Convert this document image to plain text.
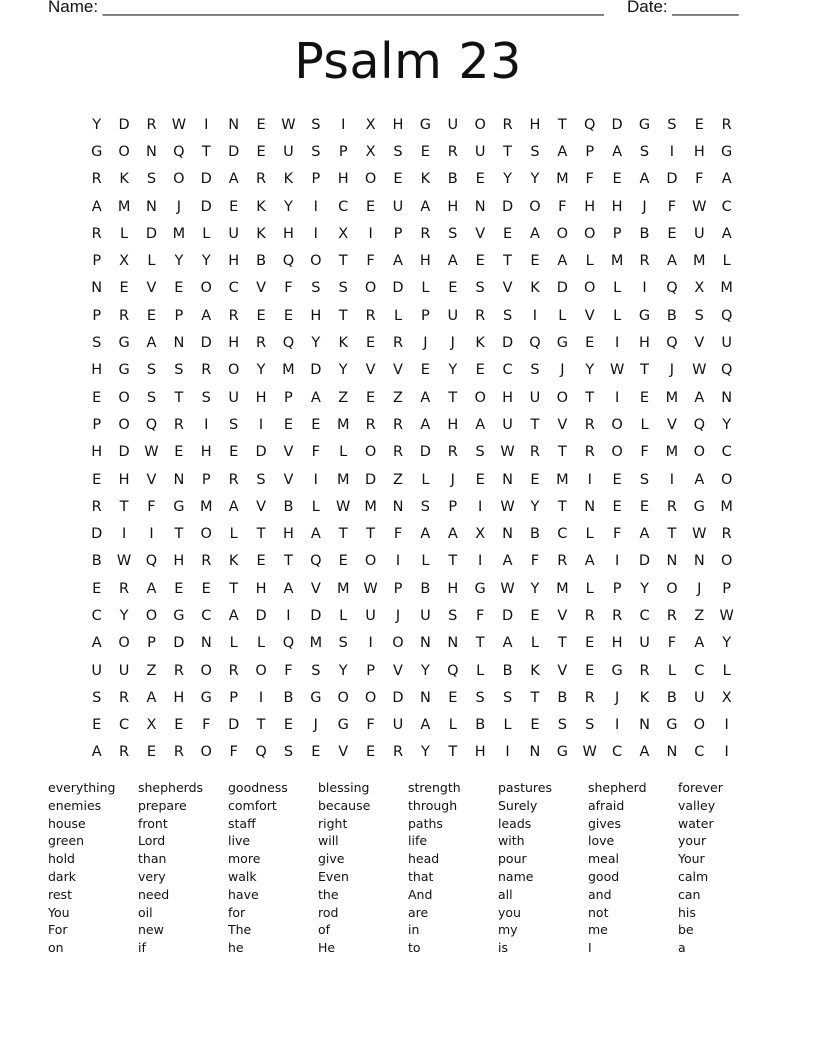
Name: _____________________________________________________ Date: _______
Psalm 23
Y	D	R	W	I	N	E	W	S	I	X	H	G	U	O	R	H	T	Q	D	G	S	E	R
G	O	N	Q	T	D	E	U	S	P	X	S	E	R	U	T	S	A	P	A	S	I	H	G
R	K	S	O	D	A	R	K	P	H	O	E	K	B	E	Y	Y	M	F	E	A	D	F	A
A	M	N	J	D	E	K	Y	I	C	E	U	A	H	N	D	O	F	H	H	J	F	W	C
R	L	D	M	L	U	K	H	I	X	I	P	R	S	V	E	A	O	O	P	B	E	U	A
P	X	L	Y	Y	H	B	Q	O	T	F	A	H	A	E	T	E	A	L	M	R	A	M	L
N	E	V	E	O	C	V	F	S	S	O	D	L	E	S	V	K	D	O	L	I	Q	X	M
P	R	E	P	A	R	E	E	H	T	R	L	P	U	R	S	I	L	V	L	G	B	S	Q
S	G	A	N	D	H	R	Q	Y	K	E	R	J	J	K	D	Q	G	E	I	H	Q	V	U
H	G	S	S	R	O	Y	M	D	Y	V	V	E	Y	E	C	S	J	Y	W	T	J	W	Q
E	O	S	T	S	U	H	P	A	Z	E	Z	A	T	O	H	U	O	T	I	E	M	A	N
P	O	Q	R	I	S	I	E	E	M	R	R	A	H	A	U	T	V	R	O	L	V	Q	Y
H	D	W	E	H	E	D	V	F	L	O	R	D	R	S	W	R	T	R	O	F	M	O	C
E	H	V	N	P	R	S	V	I	M	D	Z	L	J	E	N	E	M	I	E	S	I	A	O
R	T	F	G	M	A	V	B	L	W M	N	S	P	I	W	Y	T	N	E	E	R	G	M
D	I	I	T	O	L	T	H	A	T	T	F	A	A	X	N	B	C	L	F	A	T	W	R
B	W	Q	H	R	K	E	T	Q	E	O	I	L	T	I	A	F	R	A	I	D	N	N	O
E	R	A	E	E	T	H	A	V	M W	P	B	H	G	W	Y	M	L	P	Y	O	J	P
C	Y	O	G	C	A	D	I	D	L	U	J	U	S	F	D	E	V	R	R	C	R	Z	W
A	O	P	D	N	L	L	Q	M	S	I	O	N	N	T	A	L	T	E	H	U	F	A	Y
U	U	Z	R	O	R	O	F	S	Y	P	V	Y	Q	L	B	K	V	E	G	R	L	C	L
S	R	A	H	G	P	I	B	G	O	O	D	N	E	S	S	T	B	R	J	K	B	U	X
E	C	X	E	F	D	T	E	J	G	F	U	A	L	B	L	E	S	S	I	N	G	O	I
A	R	E	R	O	F	Q	S	E	V	E	R	Y	T	H	I	N	G	W	C	A	N	C	I
everything	shepherds	goodness	blessing	strength	pastures	shepherd	forever
enemies	prepare	comfort	because	through	Surely	afraid	valley
house	front	staff	right	paths	leads	gives	water
green	Lord	live	will	life	with	love	your
hold	than	more	give	head	pour	meal	Your
dark	very	walk	Even	that	name	good	calm
rest	need	have	the	And	all	and	can
You	oil	for	rod	are	you	not	his
For	new	The	of	in	my	me	be
on	if	he	He	to	is	I	a
